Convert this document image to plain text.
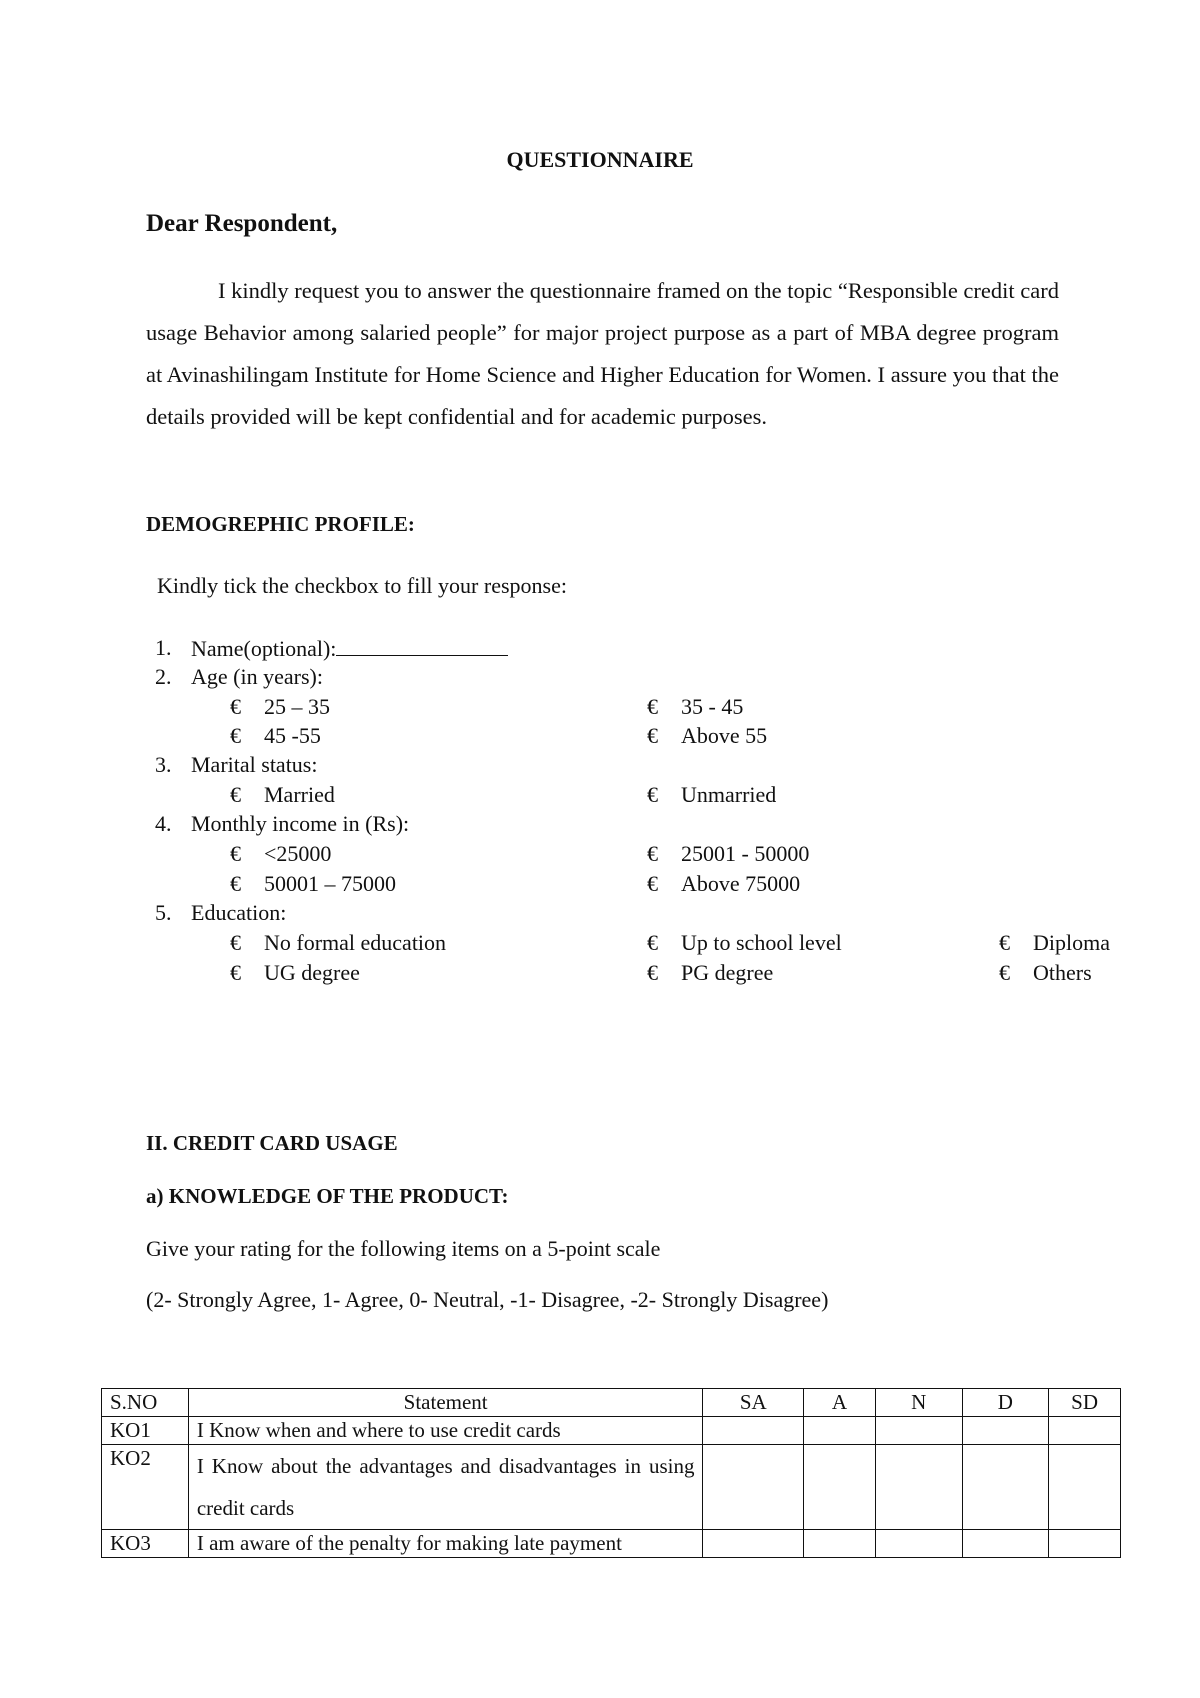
QUESTIONNAIRE
Dear Respondent,
I kindly request you to answer the questionnaire framed on the topic “Responsible credit card usage Behavior among salaried people” for major project purpose as a part of MBA degree program at Avinashilingam Institute for Home Science and Higher Education for Women. I assure you that the details provided will be kept confidential and for academic purposes.
DEMOGREPHIC PROFILE:
Kindly tick the checkbox to fill your response:
1. Name(optional):
2. Age (in years):
€ 25 – 35	€ 35 - 45
€ 45 -55	€ Above 55
3. Marital status:
€ Married	€ Unmarried
4. Monthly income in (Rs):
€ <25000	€ 25001 - 50000
€ 50001 – 75000	€ Above 75000
5. Education:
€ No formal education	€ Up to school level	€ Diploma
€ UG degree	€ PG degree	€ Others
II. CREDIT CARD USAGE
a) KNOWLEDGE OF THE PRODUCT:
Give your rating for the following items on a 5-point scale
(2- Strongly Agree, 1- Agree, 0- Neutral, -1- Disagree, -2- Strongly Disagree)
S.NO	Statement	SA	A	N	D	SD
KO1	I Know when and where to use credit cards					
KO2	I Know about the advantages and disadvantages in using credit cards					
KO3	I am aware of the penalty for making late payment					
